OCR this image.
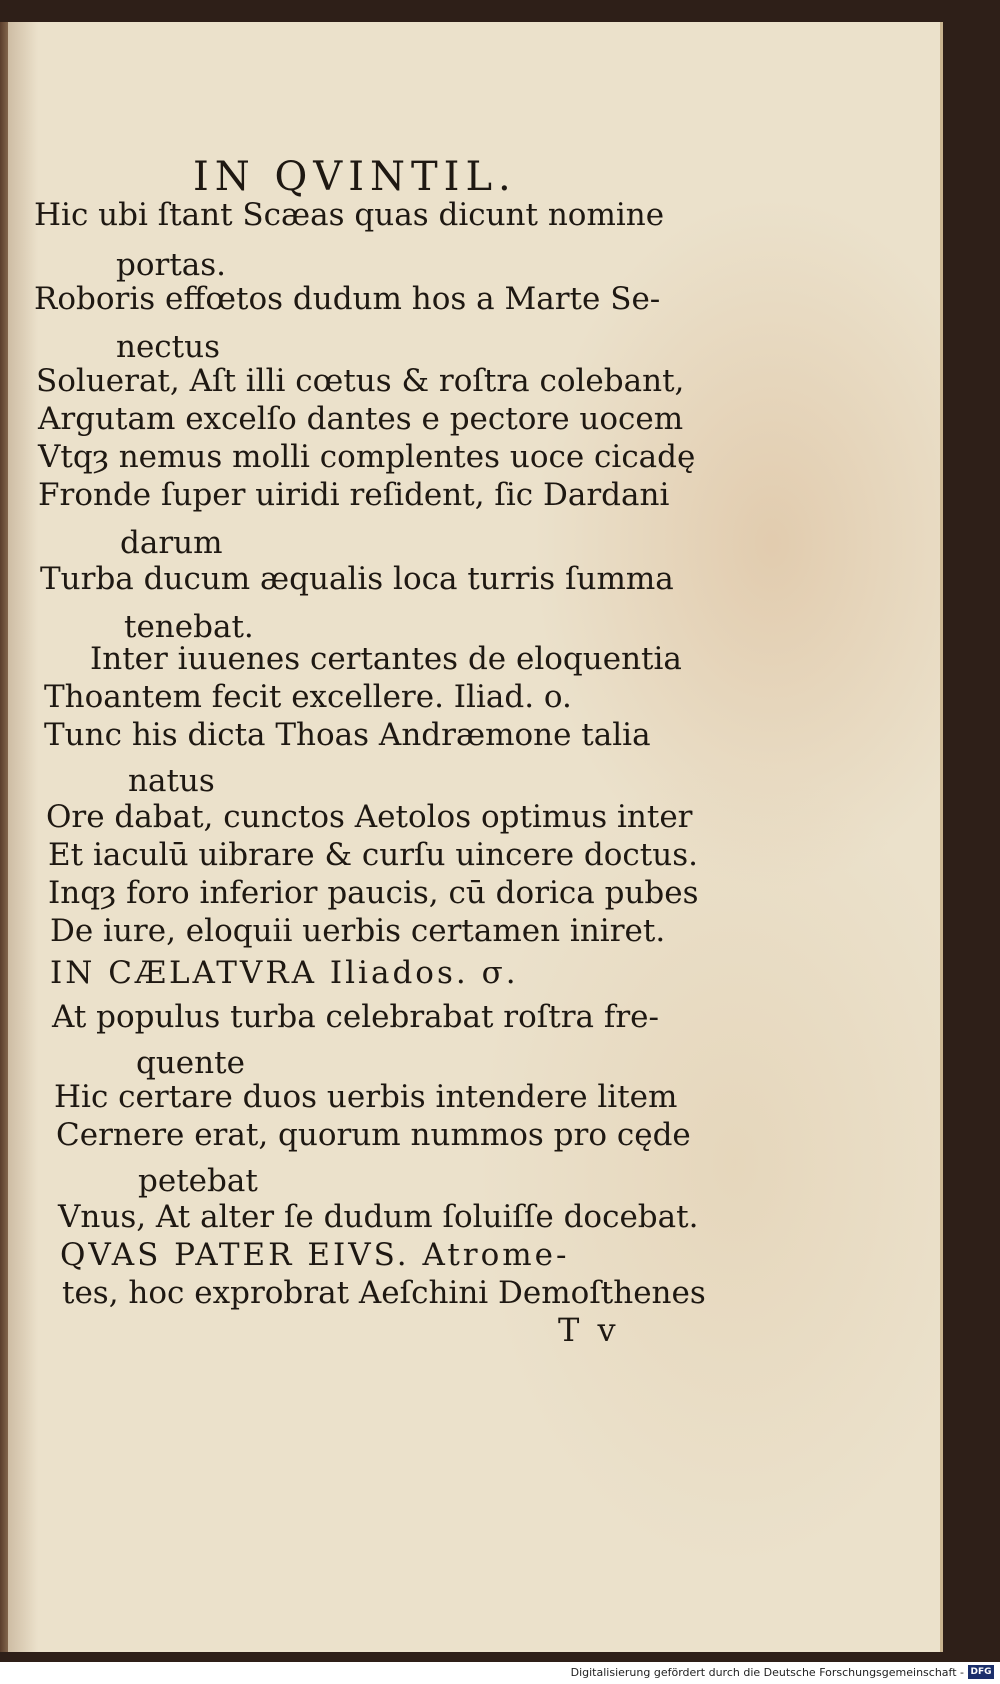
IN QVINTIL.
Hic ubi ſtant Scæas quas dicunt nomine
portas.
Roboris effœtos dudum hos a Marte Se-
nectus
Soluerat, Aſt illi cœtus & roſtra colebant,
Argutam excelſo dantes e pectore uocem
Vtqȝ nemus molli complentes uoce cicadę
Fronde ſuper uiridi reſident, ſic Dardani
darum
Turba ducum æqualis loca turris ſumma
tenebat.
Inter iuuenes certantes de eloquentia
Thoantem fecit excellere. Iliad. o.
Tunc his dicta Thoas Andræmone talia
natus
Ore dabat, cunctos Aetolos optimus inter
Et iaculū uibrare & curſu uincere doctus.
Inqȝ foro inferior paucis, cū dorica pubes
De iure, eloquii uerbis certamen iniret.
IN CÆLATVRA Iliados. σ.
At populus turba celebrabat roſtra fre-
quente
Hic certare duos uerbis intendere litem
Cernere erat, quorum nummos pro cęde
petebat
Vnus, At alter ſe dudum ſoluiſſe docebat.
QVAS PATER EIVS. Atrome-
tes, hoc exprobrat Aeſchini Demoſthenes
T v
Digitalisierung gefördert durch die Deutsche Forschungsgemeinschaft - DFG
